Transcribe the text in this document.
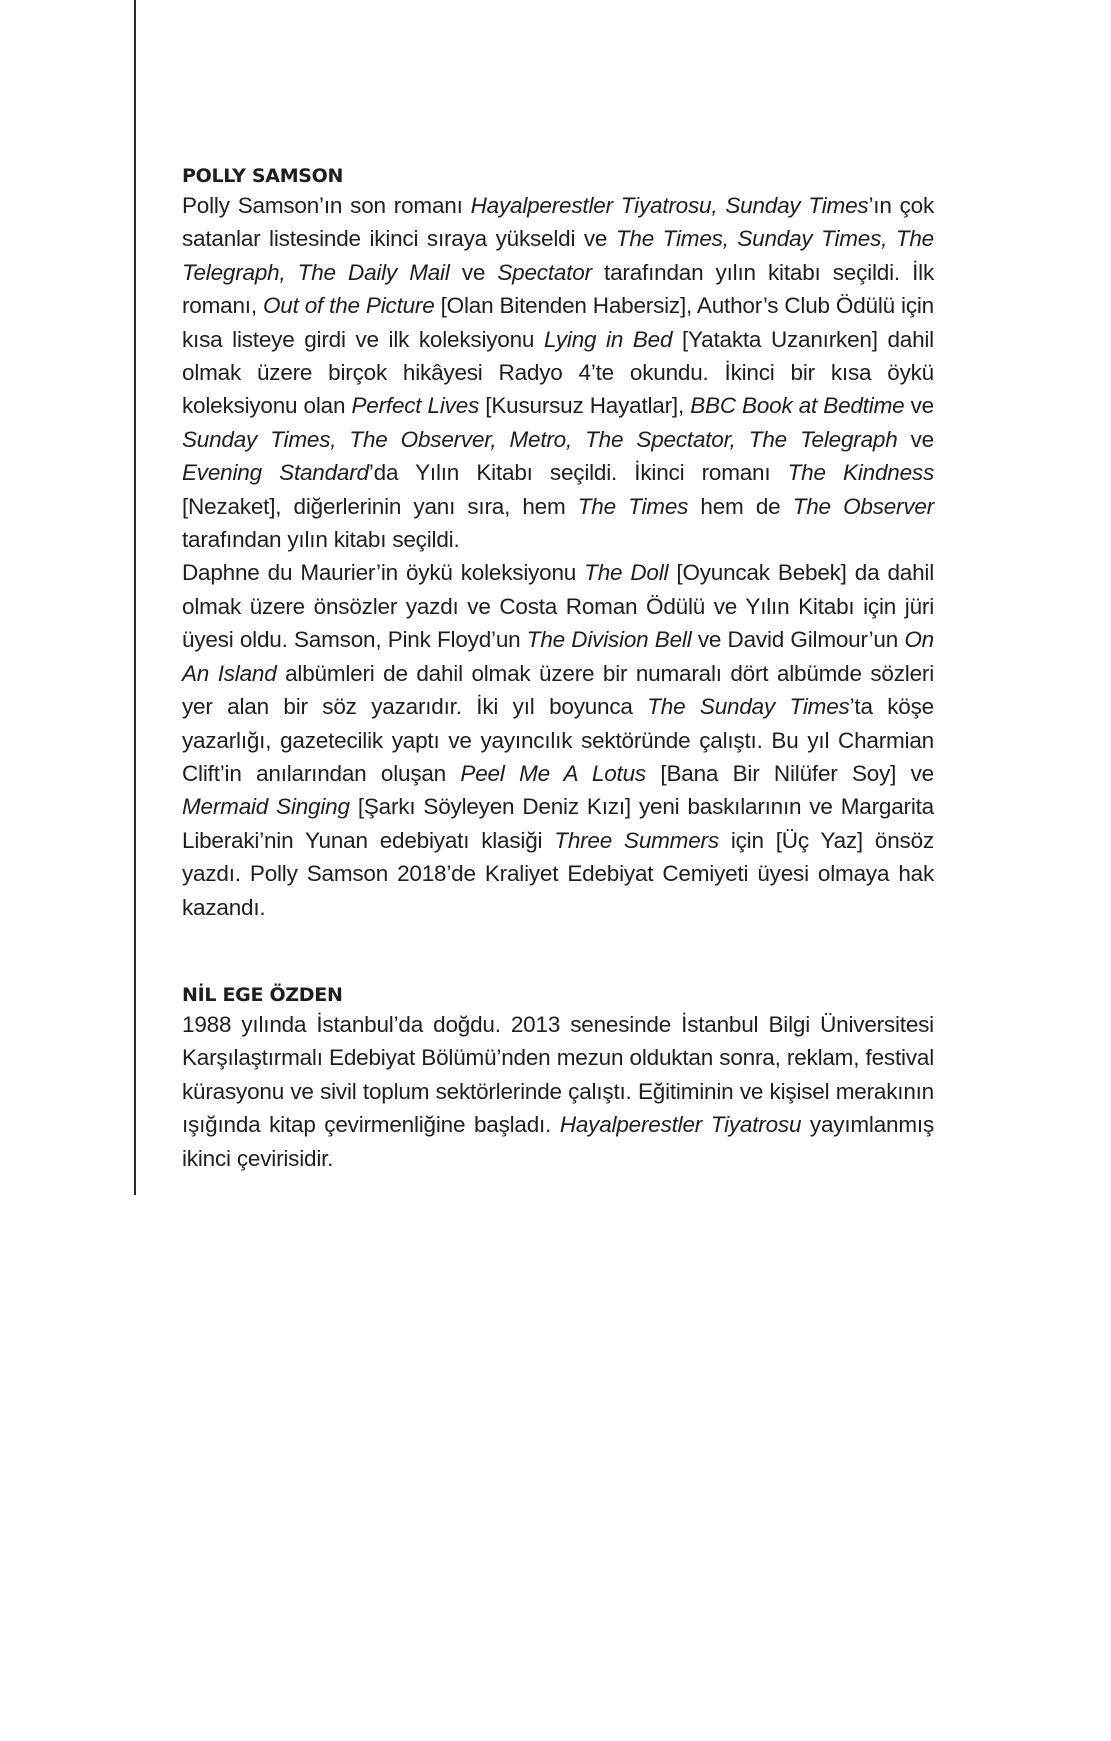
POLLY SAMSON

Polly Samson’ın son romanı Hayalperestler Tiyatrosu, Sunday Times’ın çok satanlar listesinde ikinci sıraya yükseldi ve The Times, Sunday Times, The Telegraph, The Daily Mail ve Spectator tarafından yılın kitabı seçildi. İlk romanı, Out of the Picture [Olan Bitenden Habersiz], Author’s Club Ödülü için kısa listeye girdi ve ilk koleksiyonu Lying in Bed [Yatakta Uzanırken] dahil olmak üzere birçok hikâyesi Radyo 4’te okundu. İkinci bir kısa öykü koleksiyonu olan Perfect Lives [Kusursuz Hayatlar], BBC Book at Bedtime ve Sunday Times, The Observer, Metro, The Spectator, The Telegraph ve Evening Standard’da Yılın Kitabı seçildi. İkinci romanı The Kindness [Nezaket], diğerlerinin yanı sıra, hem The Times hem de The Observer tarafından yılın kitabı seçildi.

Daphne du Maurier’in öykü koleksiyonu The Doll [Oyuncak Bebek] da dahil olmak üzere önsözler yazdı ve Costa Roman Ödülü ve Yılın Kitabı için jüri üyesi oldu. Samson, Pink Floyd’un The Division Bell ve David Gilmour’un On An Island albümleri de dahil olmak üzere bir numaralı dört albümde sözleri yer alan bir söz yazarıdır. İki yıl boyunca The Sunday Times’ta köşe yazarlığı, gazetecilik yaptı ve yayıncılık sektöründe çalıştı. Bu yıl Charmian Clift’in anılarından oluşan Peel Me A Lotus [Bana Bir Nilüfer Soy] ve Mermaid Singing [Şarkı Söyleyen Deniz Kızı] yeni baskılarının ve Margarita Liberaki’nin Yunan edebiyatı klasiği Three Summers için [Üç Yaz] önsöz yazdı. Polly Samson 2018’de Kraliyet Edebiyat Cemiyeti üyesi olmaya hak kazandı.

NİL EGE ÖZDEN

1988 yılında İstanbul’da doğdu. 2013 senesinde İstanbul Bilgi Üniversitesi Karşılaştırmalı Edebiyat Bölümü’nden mezun olduktan sonra, reklam, festival kürasyonu ve sivil toplum sektörlerinde çalıştı. Eğitiminin ve kişisel merakının ışığında kitap çevirmenliğine başladı. Hayalperestler Tiyatrosu yayımlanmış ikinci çevirisidir.
